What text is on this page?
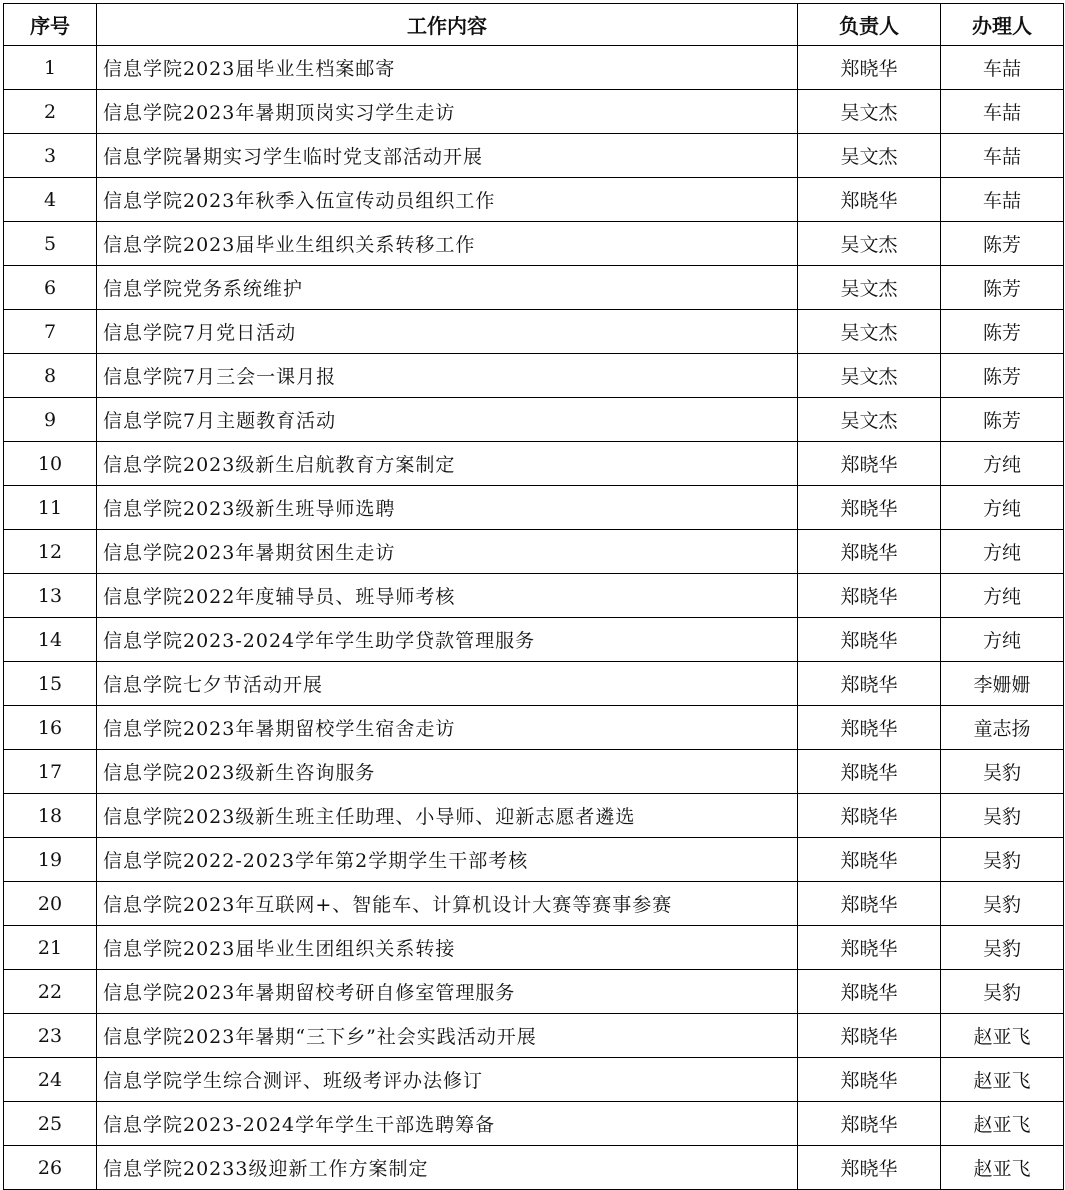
序号	工作内容	负责人	办理人
1	信息学院2023届毕业生档案邮寄	郑晓华	车喆
2	信息学院2023年暑期顶岗实习学生走访	吴文杰	车喆
3	信息学院暑期实习学生临时党支部活动开展	吴文杰	车喆
4	信息学院2023年秋季入伍宣传动员组织工作	郑晓华	车喆
5	信息学院2023届毕业生组织关系转移工作	吴文杰	陈芳
6	信息学院党务系统维护	吴文杰	陈芳
7	信息学院7月党日活动	吴文杰	陈芳
8	信息学院7月三会一课月报	吴文杰	陈芳
9	信息学院7月主题教育活动	吴文杰	陈芳
10	信息学院2023级新生启航教育方案制定	郑晓华	方纯
11	信息学院2023级新生班导师选聘	郑晓华	方纯
12	信息学院2023年暑期贫困生走访	郑晓华	方纯
13	信息学院2022年度辅导员、班导师考核	郑晓华	方纯
14	信息学院2023-2024学年学生助学贷款管理服务	郑晓华	方纯
15	信息学院七夕节活动开展	郑晓华	李姗姗
16	信息学院2023年暑期留校学生宿舍走访	郑晓华	童志扬
17	信息学院2023级新生咨询服务	郑晓华	吴豹
18	信息学院2023级新生班主任助理、小导师、迎新志愿者遴选	郑晓华	吴豹
19	信息学院2022-2023学年第2学期学生干部考核	郑晓华	吴豹
20	信息学院2023年互联网+、智能车、计算机设计大赛等赛事参赛	郑晓华	吴豹
21	信息学院2023届毕业生团组织关系转接	郑晓华	吴豹
22	信息学院2023年暑期留校考研自修室管理服务	郑晓华	吴豹
23	信息学院2023年暑期“三下乡”社会实践活动开展	郑晓华	赵亚飞
24	信息学院学生综合测评、班级考评办法修订	郑晓华	赵亚飞
25	信息学院2023-2024学年学生干部选聘筹备	郑晓华	赵亚飞
26	信息学院20233级迎新工作方案制定	郑晓华	赵亚飞
